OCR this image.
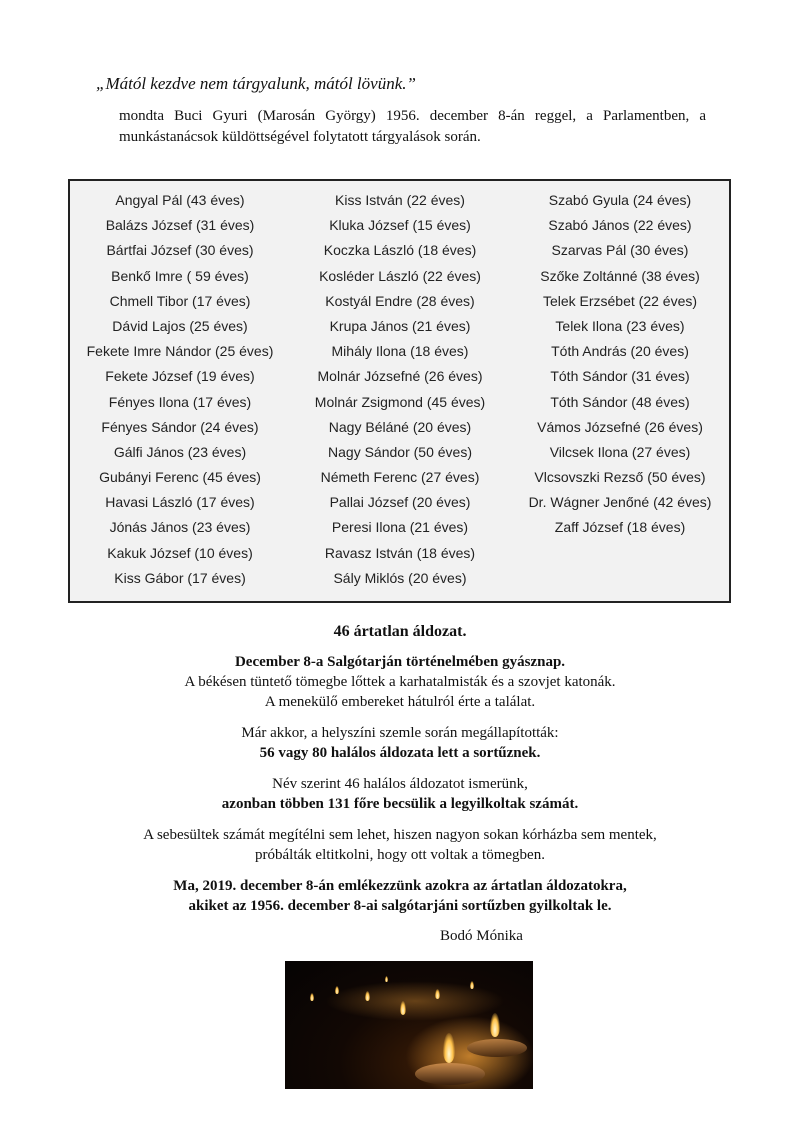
„Mától kezdve nem tárgyalunk, mától lövünk.”
mondta Buci Gyuri (Marosán György) 1956. december 8-án reggel, a Parlamentben, a munkástanácsok küldöttségével folytatott tárgyalások során.
Angyal Pál (43 éves)
Balázs József (31 éves)
Bártfai József (30 éves)
Benkő Imre ( 59 éves)
Chmell Tibor (17 éves)
Dávid Lajos (25 éves)
Fekete Imre Nándor (25 éves)
Fekete József (19 éves)
Fényes Ilona (17 éves)
Fényes Sándor (24 éves)
Gálfi János (23 éves)
Gubányi Ferenc (45 éves)
Havasi László (17 éves)
Jónás János (23 éves)
Kakuk József (10 éves)
Kiss Gábor (17 éves)
Kiss István (22 éves)
Kluka József (15 éves)
Koczka László (18 éves)
Kosléder László (22 éves)
Kostyál Endre (28 éves)
Krupa János (21 éves)
Mihály Ilona (18 éves)
Molnár Józsefné (26 éves)
Molnár Zsigmond (45 éves)
Nagy Béláné (20 éves)
Nagy Sándor (50 éves)
Németh Ferenc (27 éves)
Pallai József (20 éves)
Peresi Ilona (21 éves)
Ravasz István (18 éves)
Sály Miklós (20 éves)
Szabó Gyula (24 éves)
Szabó János (22 éves)
Szarvas Pál (30 éves)
Szőke Zoltánné (38 éves)
Telek Erzsébet (22 éves)
Telek Ilona (23 éves)
Tóth András (20 éves)
Tóth Sándor (31 éves)
Tóth Sándor (48 éves)
Vámos Józsefné (26 éves)
Vilcsek Ilona (27 éves)
Vlcsovszki Rezső (50 éves)
Dr. Wágner Jenőné (42 éves)
Zaff József (18 éves)

46 ártatlan áldozat.

December 8-a Salgótarján történelmében gyásznap.
A békésen tüntető tömegbe lőttek a karhatalmisták és a szovjet katonák.
A menekülő embereket hátulról érte a találat.

Már akkor, a helyszíni szemle során megállapították:
56 vagy 80 halálos áldozata lett a sortűznek.

Név szerint 46 halálos áldozatot ismerünk,
azonban többen 131 főre becsülik a legyilkoltak számát.

A sebesültek számát megítélni sem lehet, hiszen nagyon sokan kórházba sem mentek,
próbálták eltitkolni, hogy ott voltak a tömegben.

Ma, 2019. december 8-án emlékezzünk azokra az ártatlan áldozatokra,
akiket az 1956. december 8-ai salgótarjáni sortűzben gyilkoltak le.

Bodó Mónika
